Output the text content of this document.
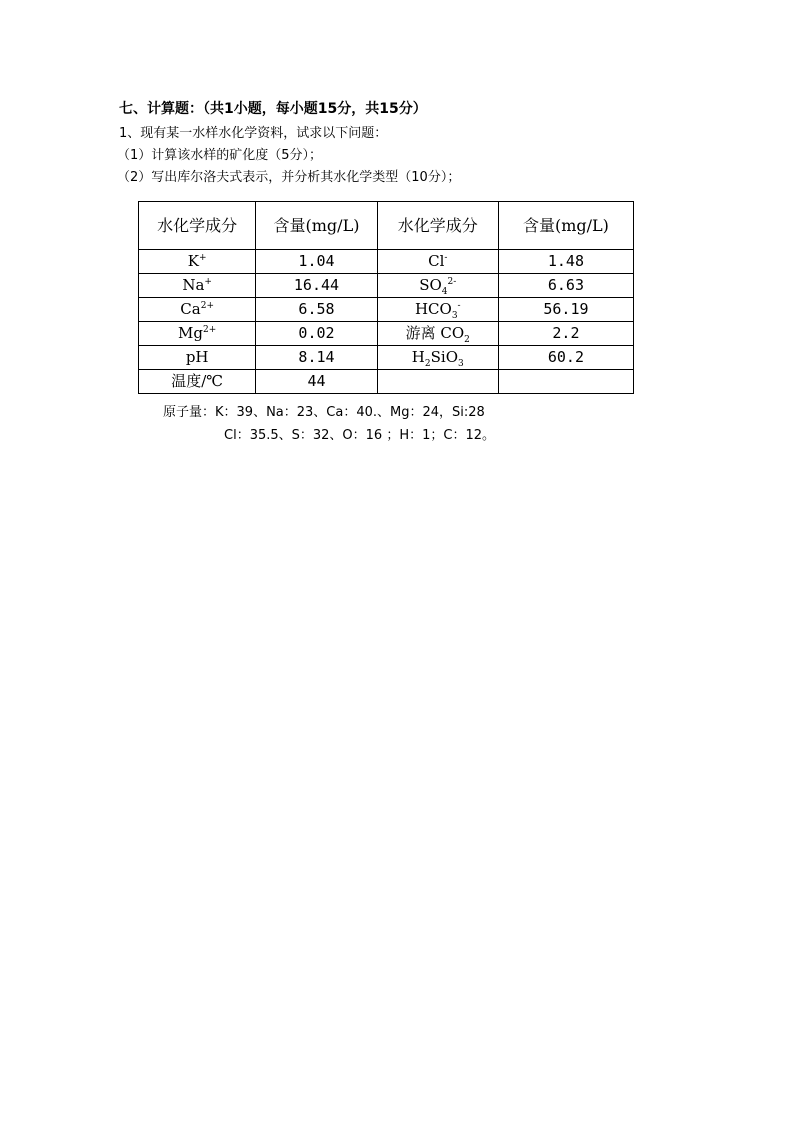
七、计算题：（共1小题，每小题15分，共15分）
1、现有某一水样水化学资料，试求以下问题：
（1）计算该水样的矿化度（5分）；
（2）写出库尔洛夫式表示，并分析其水化学类型（10分）；
水化学成分	含量(mg/L)	水化学成分	含量(mg/L)
K+	1.04	Cl-	1.48
Na+	16.44	$SO_4^{2-}$	6.63
$Ca^{2+}$	6.58	$HCO_3^-$	56.19
$Mg^{2+}$	0.02	游离 $CO_2$	2.2
pH	8.14	$H_2SiO_3$	60.2
温度/℃	44		
原子量：K：39、Na：23、Ca：40.、Mg：24，Si:28
Cl：35.5、S：32、O：16 ；H：1；C：12。
